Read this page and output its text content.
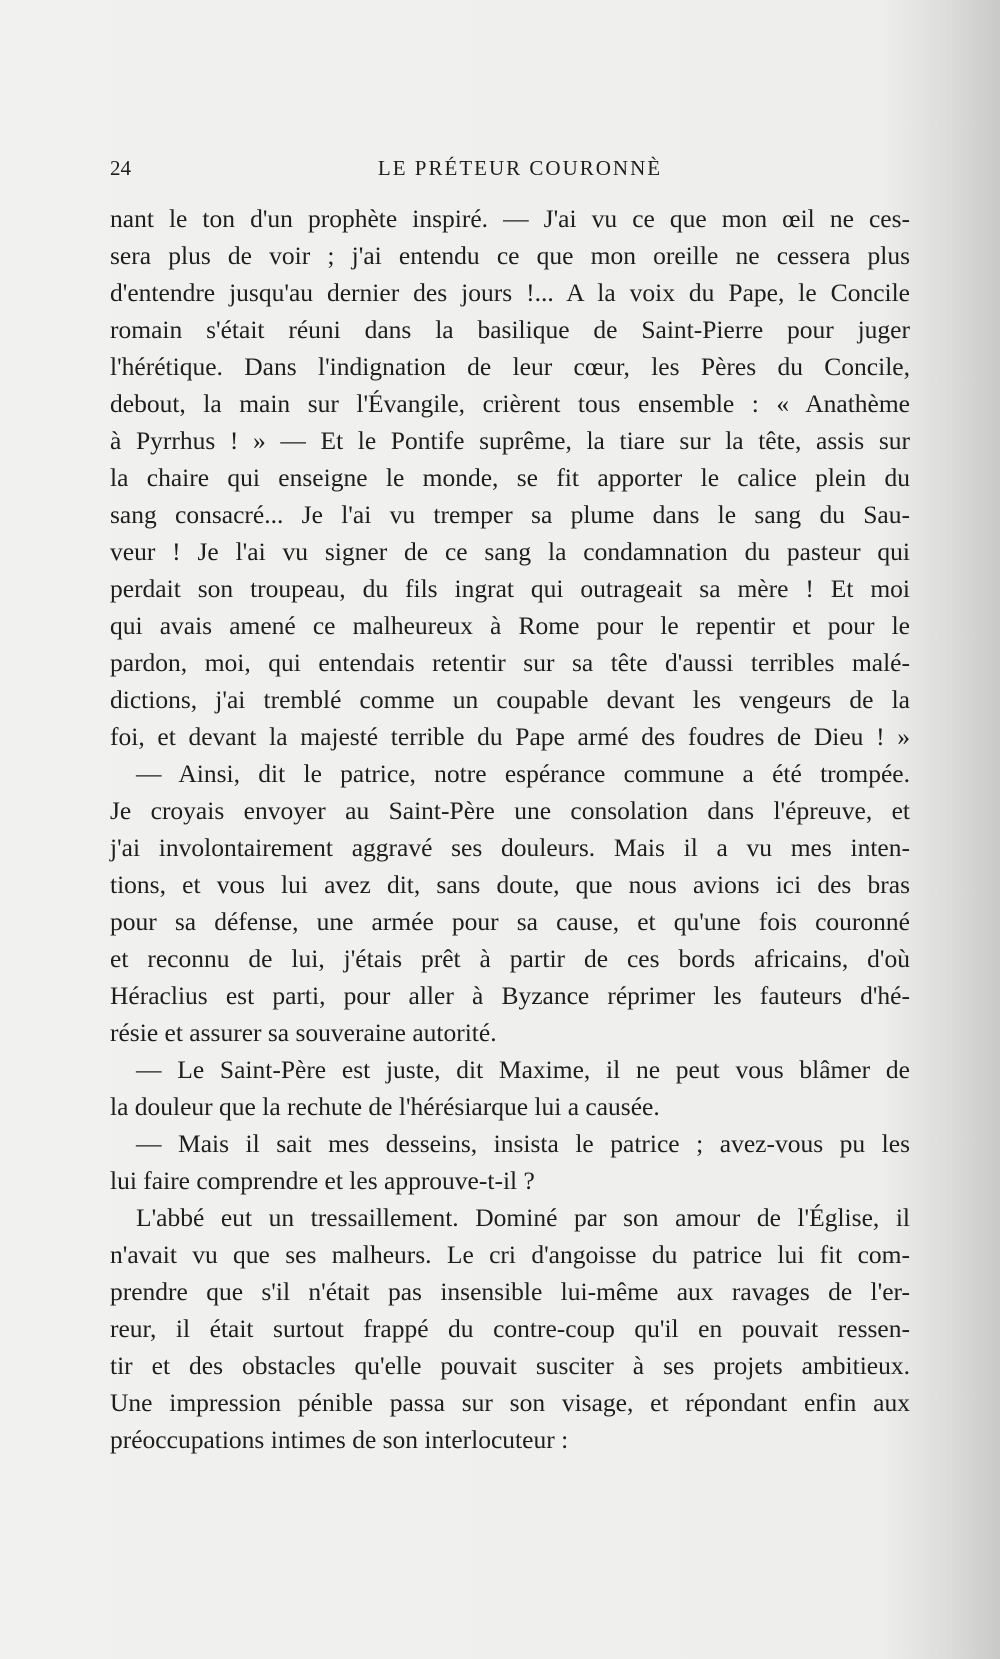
24	LE PRÉTEUR COURONNÈ
nant le ton d'un prophète inspiré. — J'ai vu ce que mon œil ne ces-
sera plus de voir ; j'ai entendu ce que mon oreille ne cessera plus
d'entendre jusqu'au dernier des jours !... A la voix du Pape, le Concile
romain s'était réuni dans la basilique de Saint-Pierre pour juger
l'hérétique. Dans l'indignation de leur cœur, les Pères du Concile,
debout, la main sur l'Évangile, crièrent tous ensemble : « Anathème
à Pyrrhus ! » — Et le Pontife suprême, la tiare sur la tête, assis sur
la chaire qui enseigne le monde, se fit apporter le calice plein du
sang consacré... Je l'ai vu tremper sa plume dans le sang du Sau-
veur ! Je l'ai vu signer de ce sang la condamnation du pasteur qui
perdait son troupeau, du fils ingrat qui outrageait sa mère ! Et moi
qui avais amené ce malheureux à Rome pour le repentir et pour le
pardon, moi, qui entendais retentir sur sa tête d'aussi terribles malé-
dictions, j'ai tremblé comme un coupable devant les vengeurs de la
foi, et devant la majesté terrible du Pape armé des foudres de Dieu ! »
— Ainsi, dit le patrice, notre espérance commune a été trompée.
Je croyais envoyer au Saint-Père une consolation dans l'épreuve, et
j'ai involontairement aggravé ses douleurs. Mais il a vu mes inten-
tions, et vous lui avez dit, sans doute, que nous avions ici des bras
pour sa défense, une armée pour sa cause, et qu'une fois couronné
et reconnu de lui, j'étais prêt à partir de ces bords africains, d'où
Héraclius est parti, pour aller à Byzance réprimer les fauteurs d'hé-
résie et assurer sa souveraine autorité.
— Le Saint-Père est juste, dit Maxime, il ne peut vous blâmer de
la douleur que la rechute de l'hérésiarque lui a causée.
— Mais il sait mes desseins, insista le patrice ; avez-vous pu les
lui faire comprendre et les approuve-t-il ?
L'abbé eut un tressaillement. Dominé par son amour de l'Église, il
n'avait vu que ses malheurs. Le cri d'angoisse du patrice lui fit com-
prendre que s'il n'était pas insensible lui-même aux ravages de l'er-
reur, il était surtout frappé du contre-coup qu'il en pouvait ressen-
tir et des obstacles qu'elle pouvait susciter à ses projets ambitieux.
Une impression pénible passa sur son visage, et répondant enfin aux
préoccupations intimes de son interlocuteur :
